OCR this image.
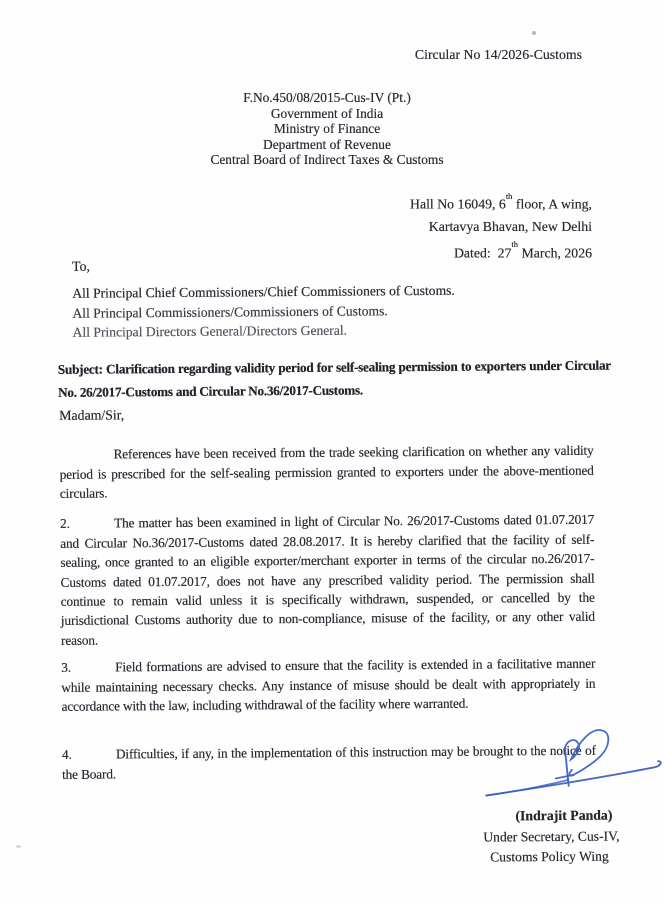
Circular No 14/2026-Customs
F.No.450/08/2015-Cus-IV (Pt.)
Government of India
Ministry of Finance
Department of Revenue
Central Board of Indirect Taxes & Customs
Hall No 16049, 6th floor, A wing,
Kartavya Bhavan, New Delhi
Dated:  27th March, 2026
To,
All Principal Chief Commissioners/Chief Commissioners of Customs.
All Principal Commissioners/Commissioners of Customs.
All Principal Directors General/Directors General.
Subject: Clarification regarding validity period for self-sealing permission to exporters under Circular No. 26/2017-Customs and Circular No.36/2017-Customs.
Madam/Sir,

References have been received from the trade seeking clarification on whether any validity period is prescribed for the self-sealing permission granted to exporters under the above-mentioned circulars.

2.	The matter has been examined in light of Circular No. 26/2017-Customs dated 01.07.2017 and Circular No.36/2017-Customs dated 28.08.2017. It is hereby clarified that the facility of self-sealing, once granted to an eligible exporter/merchant exporter in terms of the circular no.26/2017-Customs dated 01.07.2017, does not have any prescribed validity period. The permission shall continue to remain valid unless it is specifically withdrawn, suspended, or cancelled by the jurisdictional Customs authority due to non-compliance, misuse of the facility, or any other valid reason.

3.	Field formations are advised to ensure that the facility is extended in a facilitative manner while maintaining necessary checks. Any instance of misuse should be dealt with appropriately in accordance with the law, including withdrawal of the facility where warranted.

4.	Difficulties, if any, in the implementation of this instruction may be brought to the notice of the Board.

(Indrajit Panda)
Under Secretary, Cus-IV,
Customs Policy Wing
